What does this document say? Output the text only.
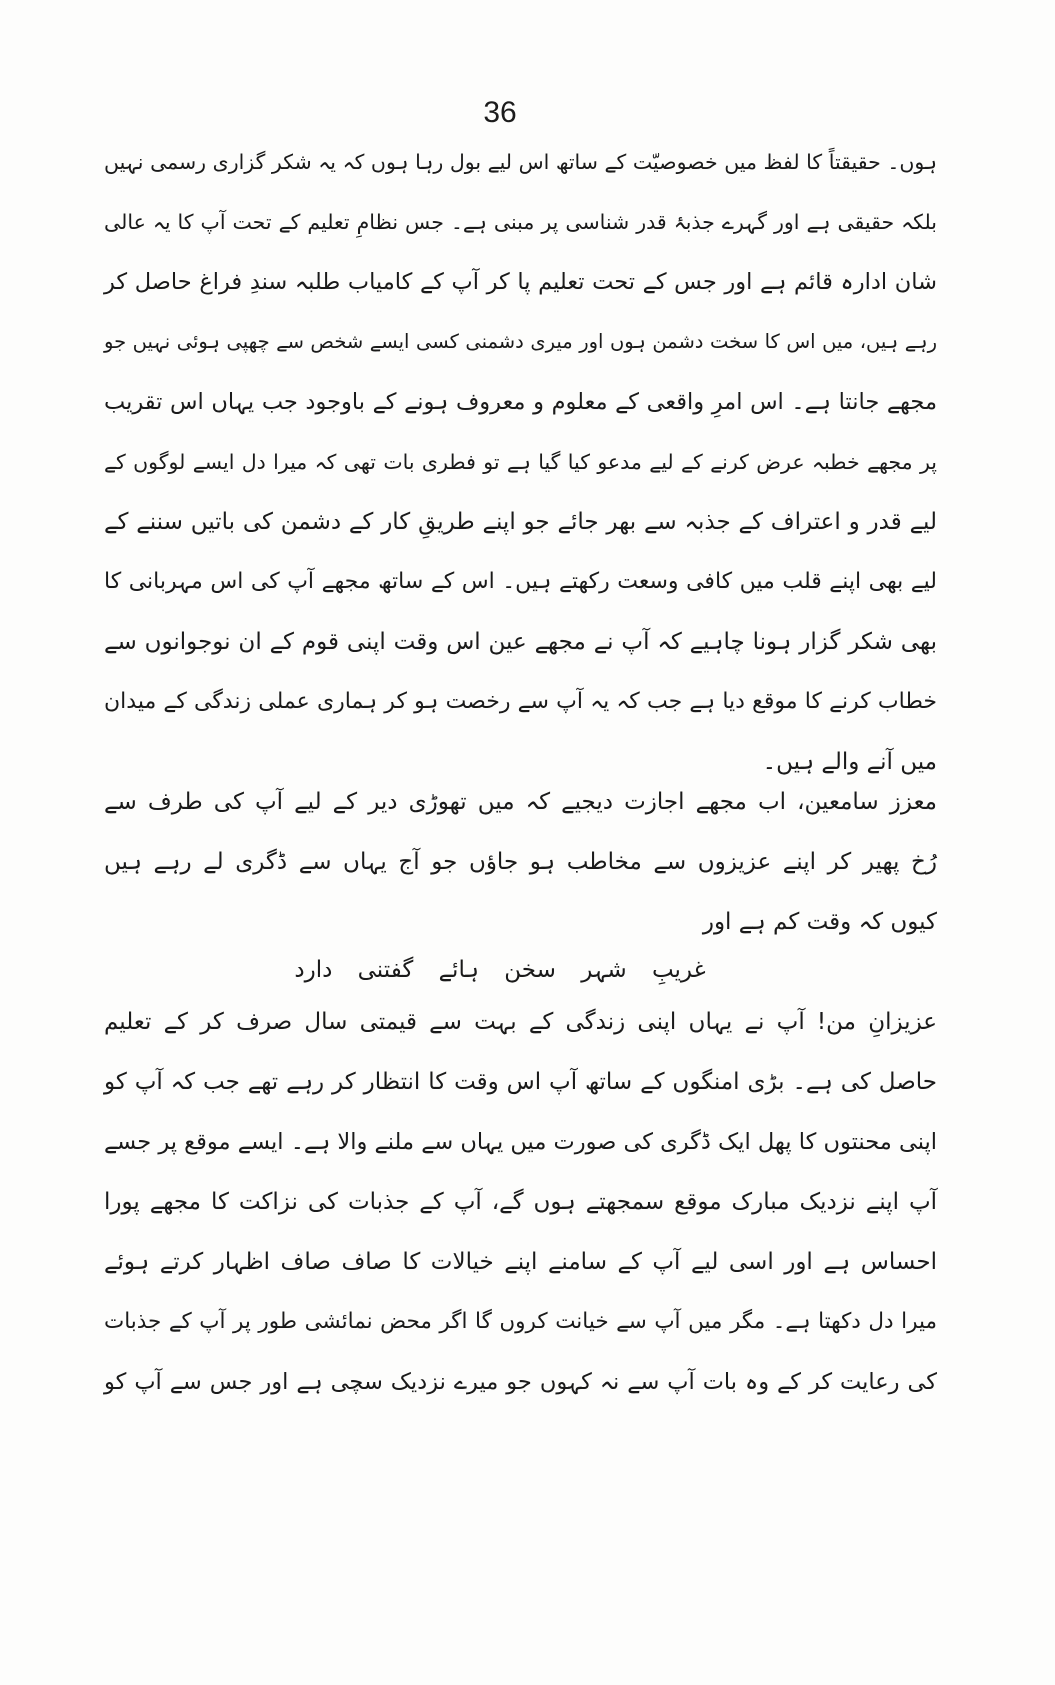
36
ہوں۔ حقیقتاً کا لفظ میں خصوصیّت کے ساتھ اس لیے بول رہا ہوں کہ یہ شکر گزاری رسمی نہیں
بلکہ حقیقی ہے اور گہرے جذبۂ قدر شناسی پر مبنی ہے۔ جس نظامِ تعلیم کے تحت آپ کا یہ عالی
شان ادارہ قائم ہے اور جس کے تحت تعلیم پا کر آپ کے کامیاب طلبہ سندِ فراغ حاصل کر
رہے ہیں، میں اس کا سخت دشمن ہوں اور میری دشمنی کسی ایسے شخص سے چھپی ہوئی نہیں جو
مجھے جانتا ہے۔ اس امرِ واقعی کے معلوم و معروف ہونے کے باوجود جب یہاں اس تقریب
پر مجھے خطبہ عرض کرنے کے لیے مدعو کیا گیا ہے تو فطری بات تھی کہ میرا دل ایسے لوگوں کے
لیے قدر و اعتراف کے جذبہ سے بھر جائے جو اپنے طریقِ کار کے دشمن کی باتیں سننے کے
لیے بھی اپنے قلب میں کافی وسعت رکھتے ہیں۔ اس کے ساتھ مجھے آپ کی اس مہربانی کا
بھی شکر گزار ہونا چاہیے کہ آپ نے مجھے عین اس وقت اپنی قوم کے ان نوجوانوں سے
خطاب کرنے کا موقع دیا ہے جب کہ یہ آپ سے رخصت ہو کر ہماری عملی زندگی کے میدان
میں آنے والے ہیں۔
معزز سامعین، اب مجھے اجازت دیجیے کہ میں تھوڑی دیر کے لیے آپ کی طرف سے
رُخ پھیر کر اپنے عزیزوں سے مخاطب ہو جاؤں جو آج یہاں سے ڈگری لے رہے ہیں
کیوں کہ وقت کم ہے اور
غریبِ شہر سخن ہائے گفتنی دارد
عزیزانِ من! آپ نے یہاں اپنی زندگی کے بہت سے قیمتی سال صرف کر کے تعلیم
حاصل کی ہے۔ بڑی امنگوں کے ساتھ آپ اس وقت کا انتظار کر رہے تھے جب کہ آپ کو
اپنی محنتوں کا پھل ایک ڈگری کی صورت میں یہاں سے ملنے والا ہے۔ ایسے موقع پر جسے
آپ اپنے نزدیک مبارک موقع سمجھتے ہوں گے، آپ کے جذبات کی نزاکت کا مجھے پورا
احساس ہے اور اسی لیے آپ کے سامنے اپنے خیالات کا صاف صاف اظہار کرتے ہوئے
میرا دل دکھتا ہے۔ مگر میں آپ سے خیانت کروں گا اگر محض نمائشی طور پر آپ کے جذبات
کی رعایت کر کے وہ بات آپ سے نہ کہوں جو میرے نزدیک سچی ہے اور جس سے آپ کو
